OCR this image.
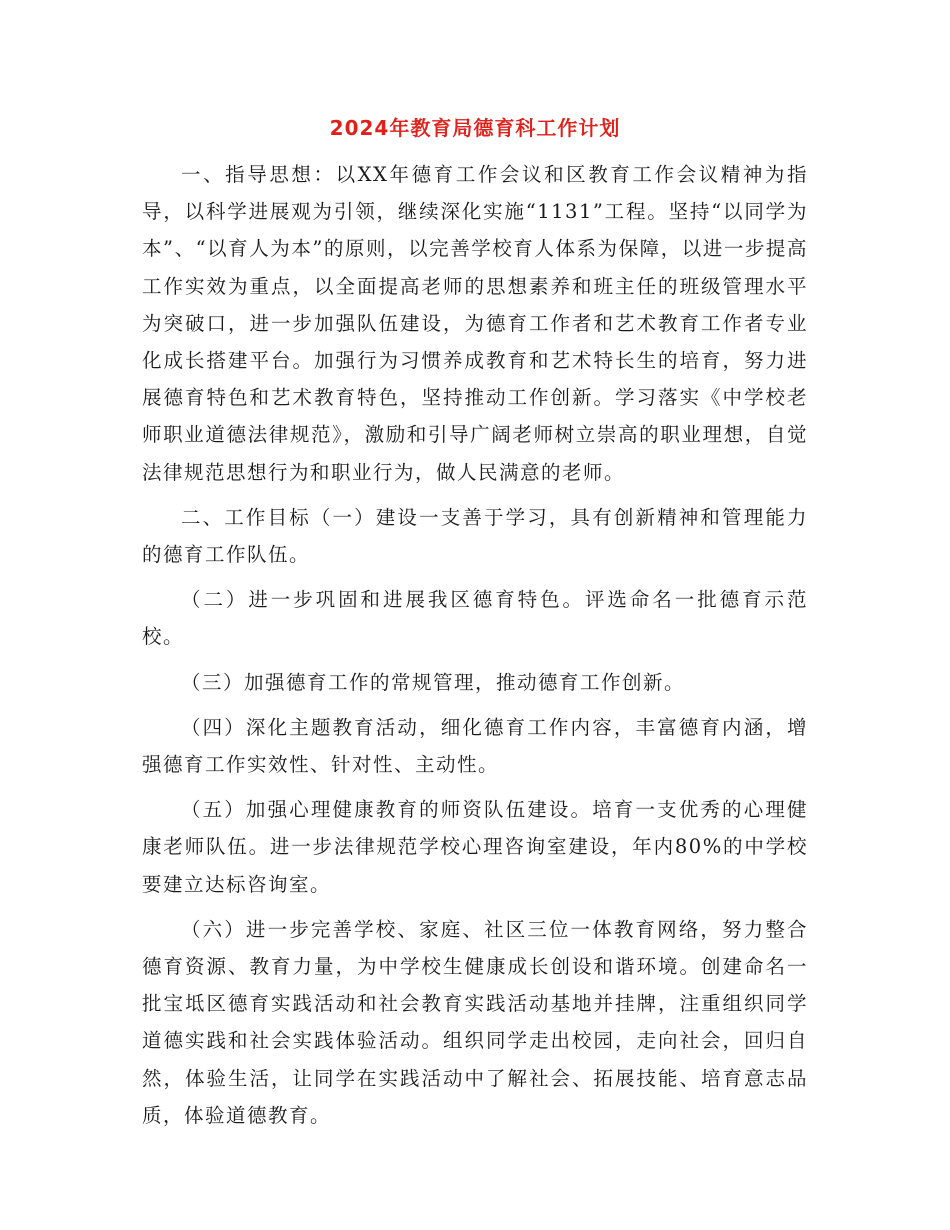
2024年教育局德育科工作计划

一、指导思想：以XX年德育工作会议和区教育工作会议精神为指导，以科学进展观为引领，继续深化实施“1131”工程。坚持“以同学为本”、“以育人为本”的原则，以完善学校育人体系为保障，以进一步提高工作实效为重点，以全面提高老师的思想素养和班主任的班级管理水平为突破口，进一步加强队伍建设，为德育工作者和艺术教育工作者专业化成长搭建平台。加强行为习惯养成教育和艺术特长生的培育，努力进展德育特色和艺术教育特色，坚持推动工作创新。学习落实《中学校老师职业道德法律规范》，激励和引导广阔老师树立崇高的职业理想，自觉法律规范思想行为和职业行为，做人民满意的老师。

二、工作目标（一）建设一支善于学习，具有创新精神和管理能力的德育工作队伍。

（二）进一步巩固和进展我区德育特色。评选命名一批德育示范校。

（三）加强德育工作的常规管理，推动德育工作创新。

（四）深化主题教育活动，细化德育工作内容，丰富德育内涵，增强德育工作实效性、针对性、主动性。

（五）加强心理健康教育的师资队伍建设。培育一支优秀的心理健康老师队伍。进一步法律规范学校心理咨询室建设，年内80%的中学校要建立达标咨询室。

（六）进一步完善学校、家庭、社区三位一体教育网络，努力整合德育资源、教育力量，为中学校生健康成长创设和谐环境。创建命名一批宝坻区德育实践活动和社会教育实践活动基地并挂牌，注重组织同学道德实践和社会实践体验活动。组织同学走出校园，走向社会，回归自然，体验生活，让同学在实践活动中了解社会、拓展技能、培育意志品质，体验道德教育。
